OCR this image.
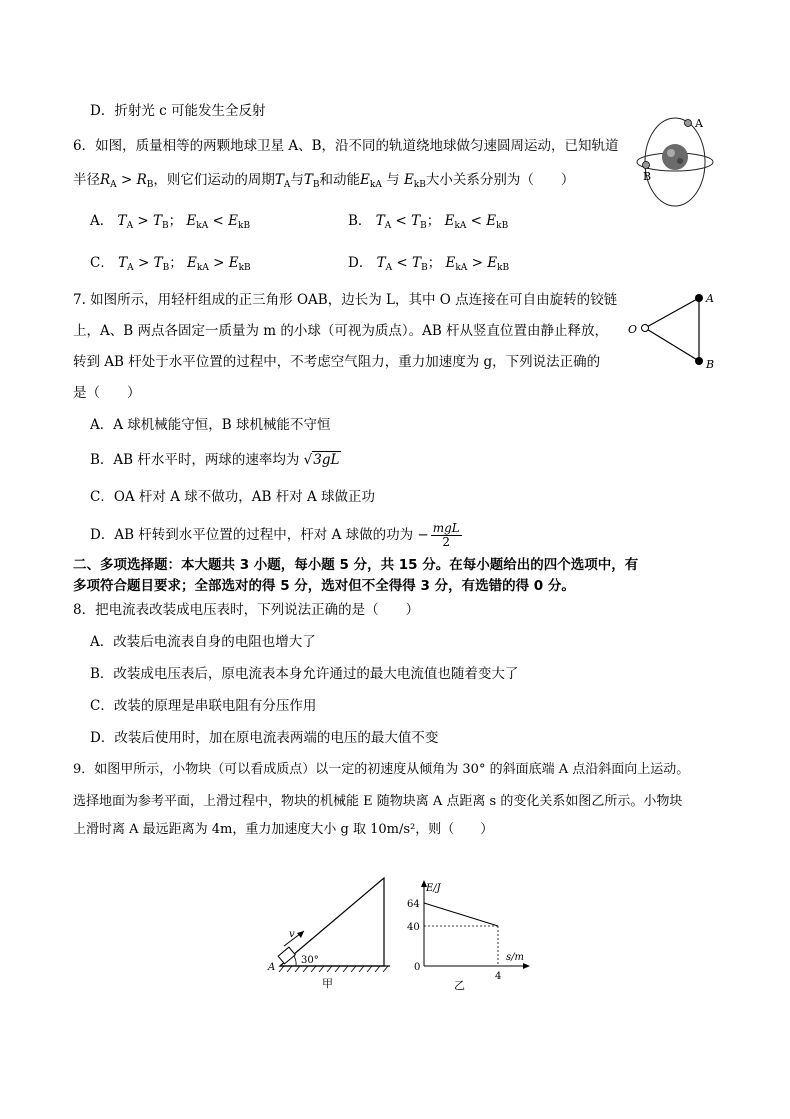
D．折射光 c 可能发生全反射
6．如图，质量相等的两颗地球卫星 A、B，沿不同的轨道绕地球做匀速圆周运动，已知轨道
半径$R_A > R_B$，则它们运动的周期$T_A$与$T_B$和动能$E_{kA}$ 与 $E_{kB}$大小关系分别为（　　）
A
B
A． $T_A > T_B$； $E_{kA} < E_{kB}$	B． $T_A < T_B$； $E_{kA} < E_{kB}$
C． $T_A > T_B$； $E_{kA} > E_{kB}$	D． $T_A < T_B$； $E_{kA} > E_{kB}$
7. 如图所示，用轻杆组成的正三角形 OAB，边长为 L，其中 O 点连接在可自由旋转的铰链
上，A、B 两点各固定一质量为 m 的小球（可视为质点）。AB 杆从竖直位置由静止释放，
转到 AB 杆处于水平位置的过程中，不考虑空气阻力，重力加速度为 g，下列说法正确的
是（　　）
A
O
B
A．A 球机械能守恒，B 球机械能不守恒
B．AB 杆水平时，两球的速率均为 √3gL
C．OA 杆对 A 球不做功，AB 杆对 A 球做正功
D．AB 杆转到水平位置的过程中，杆对 A 球做的功为 − $\frac{\text{mgL}}{2}$
二、多项选择题：本大题共 3 小题，每小题 5 分，共 15 分。在每小题给出的四个选项中，有
多项符合题目要求；全部选对的得 5 分，选对但不全得得 3 分，有选错的得 0 分。
8．把电流表改装成电压表时，下列说法正确的是（　　）
A．改装后电流表自身的电阻也增大了
B．改装成电压表后，原电流表本身允许通过的最大电流值也随着变大了
C．改装的原理是串联电阻有分压作用
D．改装后使用时，加在原电流表两端的电压的最大值不变
9．如图甲所示，小物块（可以看成质点）以一定的初速度从倾角为 30° 的斜面底端 A 点沿斜面向上运动。
选择地面为参考平面，上滑过程中，物块的机械能 E 随物块离 A 点距离 s 的变化关系如图乙所示。小物块
上滑时离 A 最远距离为 4m，重力加速度大小 g 取 10m/s²，则（　　）
v
A
30°
甲
E/J
s/m
64
40
0
4
乙
